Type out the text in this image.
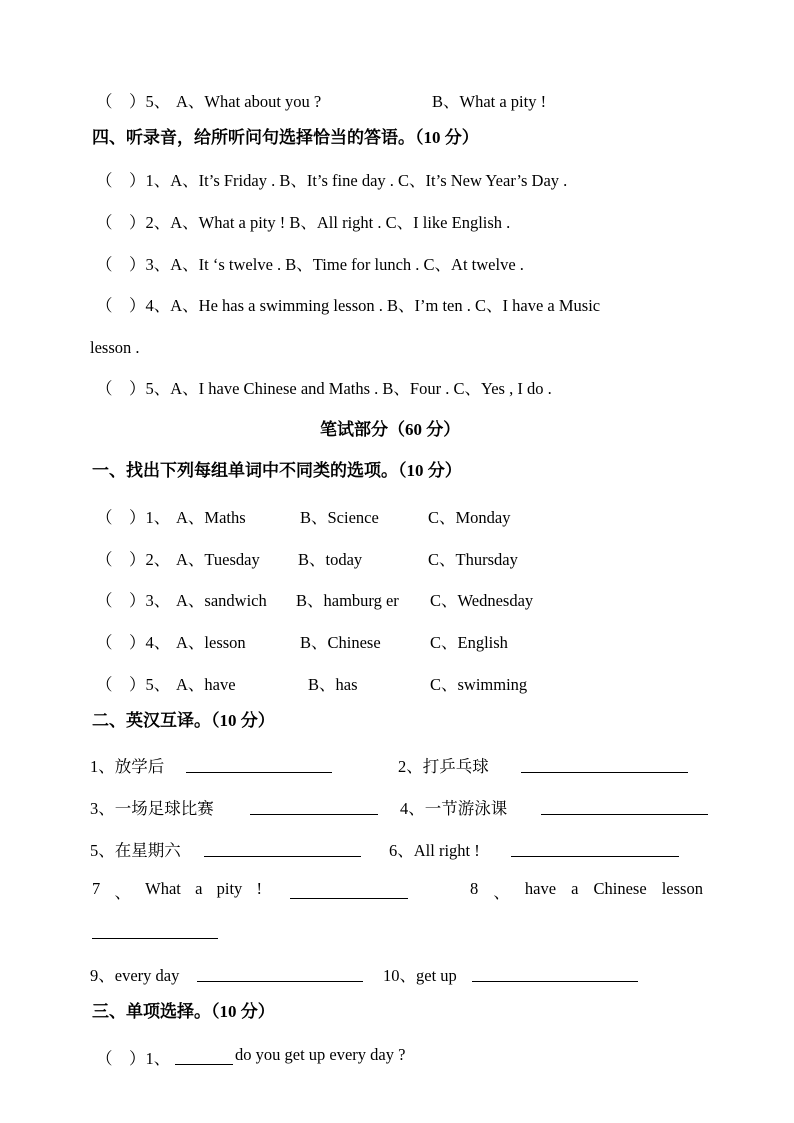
（　）5、 A、What about you ?	B、What a pity !
四、听录音，给所听问句选择恰当的答语。（10 分）
（　）1、A、It’s Friday . B、It’s fine day . C、It’s New Year’s Day .
（　）2、A、What a pity ! B、All right . C、I like English .
（　）3、A、It ‘s twelve . B、Time for lunch . C、At twelve .
（　）4、A、He has a swimming lesson . B、I’m ten . C、I have a Music
lesson .
（　）5、A、I have Chinese and Maths . B、Four . C、Yes , I do .
笔试部分（60 分）
一、找出下列每组单词中不同类的选项。（10 分）
（　）1、 A、Maths	B、Science	C、Monday
（　）2、 A、Tuesday B、today	C、Thursday
（　）3、 A、sandwich B、hamburg er C、Wednesday
（　）4、 A、lesson	B、Chinese	C、English
（　）5、 A、have	B、has	C、swimming
二、英汉互译。（10 分）
1、放学后	2、打乒乓球
3、一场足球比赛	4、一节游泳课
5、在星期六	6、All right !
7 、 What a pity !	8 、 have a Chinese lesson
9、every day	10、get up
三、单项选择。（10 分）
（　）1、	do you get up every day ?
